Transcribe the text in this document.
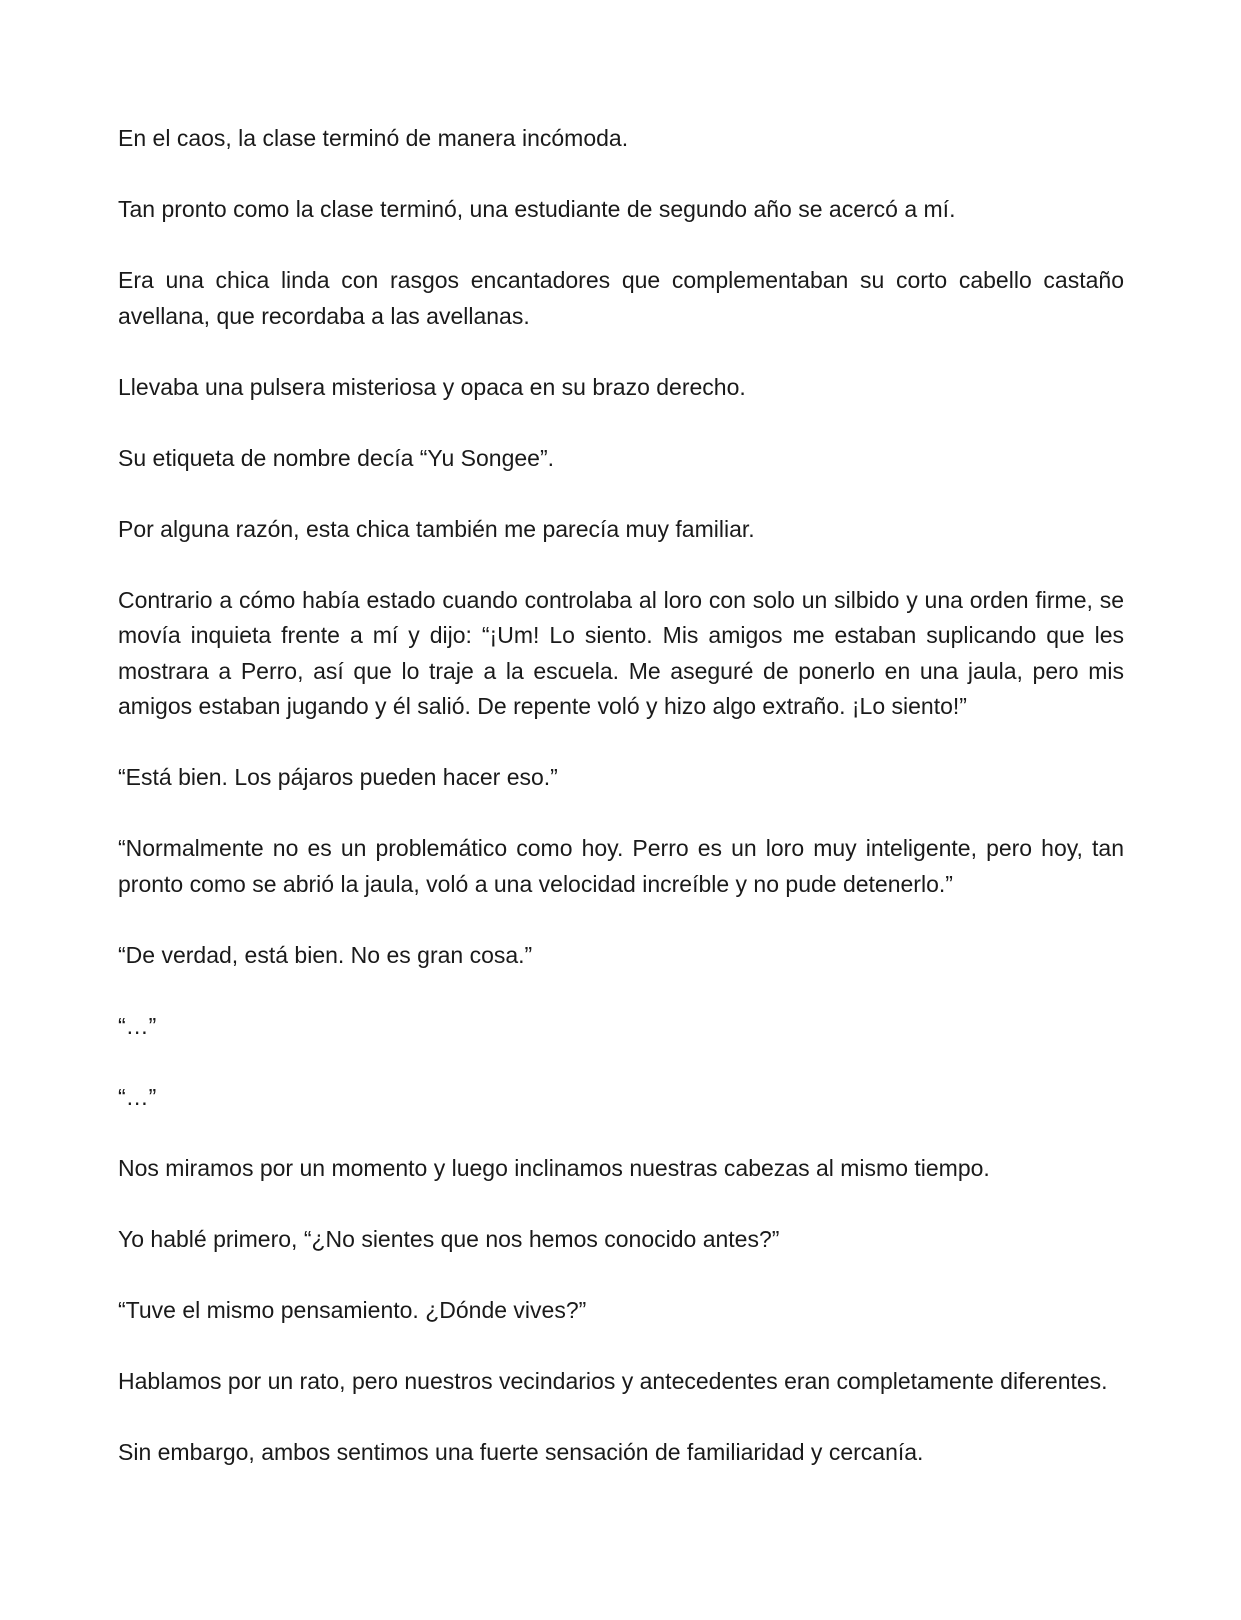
En el caos, la clase terminó de manera incómoda.

Tan pronto como la clase terminó, una estudiante de segundo año se acercó a mí.

Era una chica linda con rasgos encantadores que complementaban su corto cabello castaño avellana, que recordaba a las avellanas.

Llevaba una pulsera misteriosa y opaca en su brazo derecho.

Su etiqueta de nombre decía “Yu Songee”.

Por alguna razón, esta chica también me parecía muy familiar.

Contrario a cómo había estado cuando controlaba al loro con solo un silbido y una orden firme, se movía inquieta frente a mí y dijo: “¡Um! Lo siento. Mis amigos me estaban suplicando que les mostrara a Perro, así que lo traje a la escuela. Me aseguré de ponerlo en una jaula, pero mis amigos estaban jugando y él salió. De repente voló y hizo algo extraño. ¡Lo siento!”

“Está bien. Los pájaros pueden hacer eso.”

“Normalmente no es un problemático como hoy. Perro es un loro muy inteligente, pero hoy, tan pronto como se abrió la jaula, voló a una velocidad increíble y no pude detenerlo.”

“De verdad, está bien. No es gran cosa.”

“…”

“…”

Nos miramos por un momento y luego inclinamos nuestras cabezas al mismo tiempo.

Yo hablé primero, “¿No sientes que nos hemos conocido antes?”

“Tuve el mismo pensamiento. ¿Dónde vives?”

Hablamos por un rato, pero nuestros vecindarios y antecedentes eran completamente diferentes.

Sin embargo, ambos sentimos una fuerte sensación de familiaridad y cercanía.
